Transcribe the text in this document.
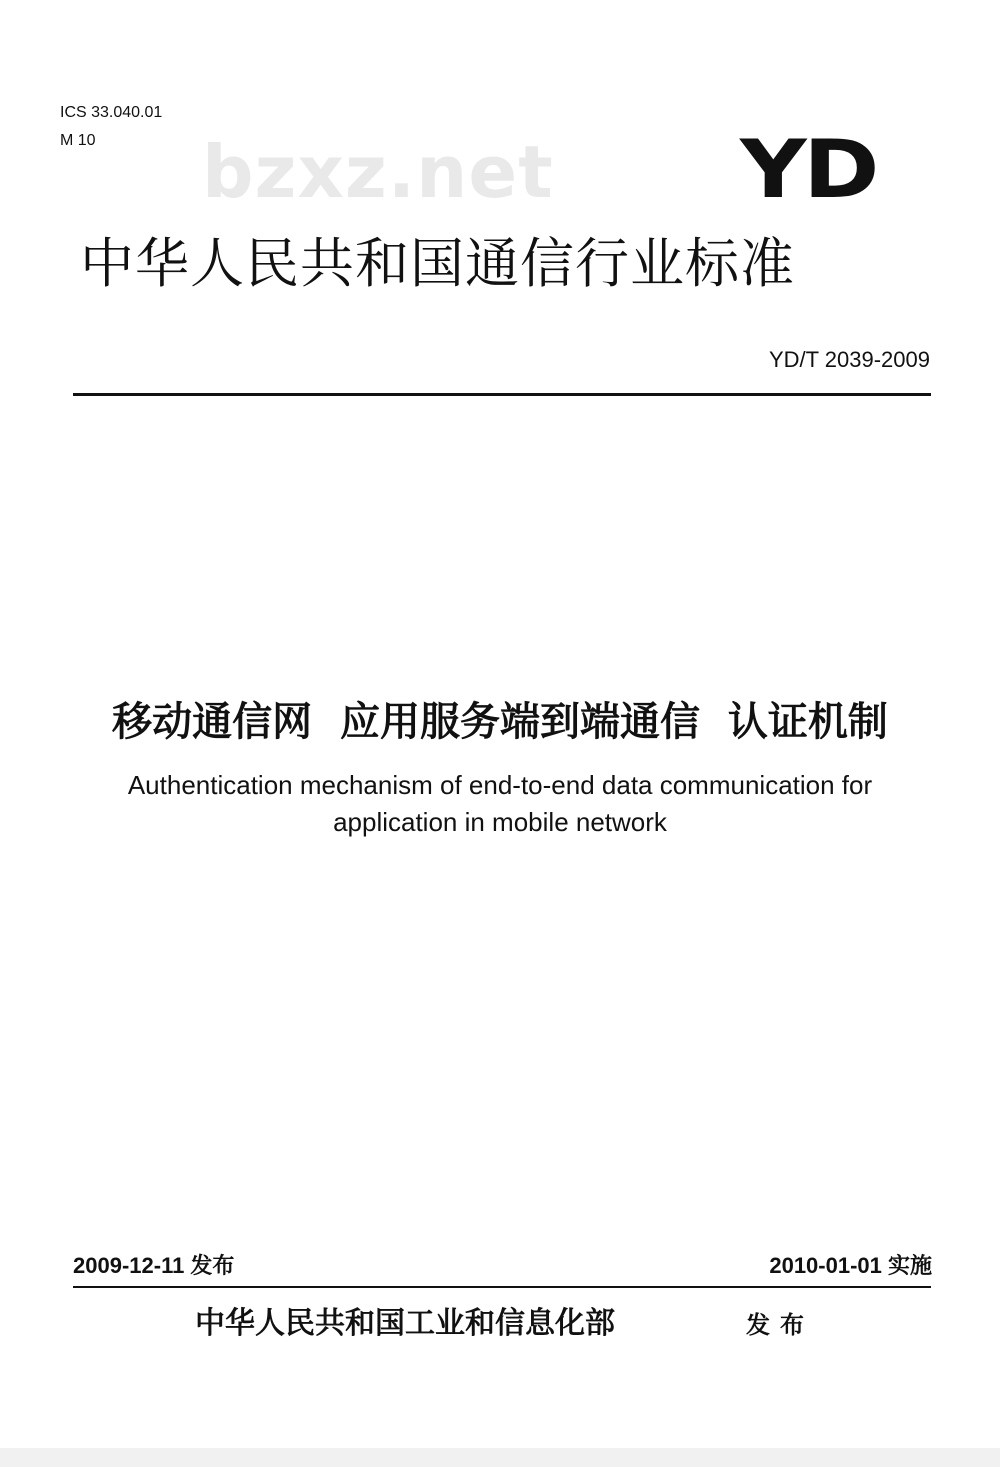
ICS 33.040.01
M 10 bzxz.net YD
中华人民共和国通信行业标准
YD/T 2039-2009
移动通信网  应用服务端到端通信  认证机制
Authentication mechanism of end-to-end data communication for
application in mobile network
2009-12-11 发布	2010-01-01 实施
中华人民共和国工业和信息化部	发布
